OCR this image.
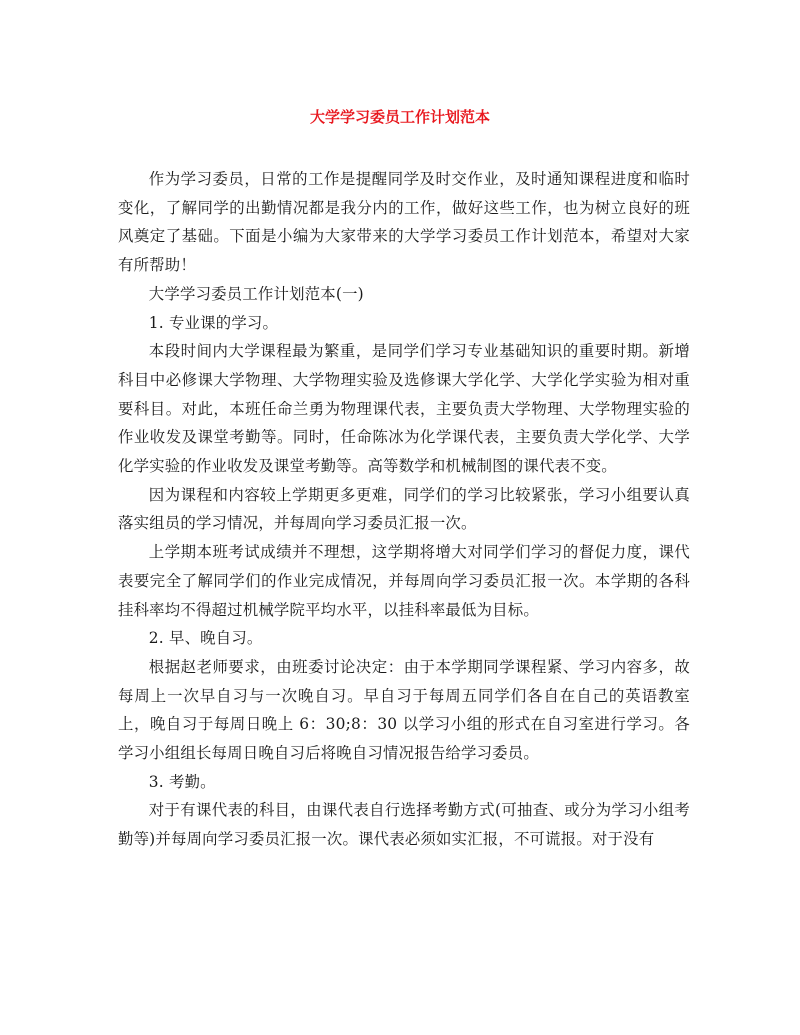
大学学习委员工作计划范本

作为学习委员，日常的工作是提醒同学及时交作业，及时通知课程进度和临时变化，了解同学的出勤情况都是我分内的工作，做好这些工作，也为树立良好的班风奠定了基础。下面是小编为大家带来的大学学习委员工作计划范本，希望对大家有所帮助！

大学学习委员工作计划范本(一)

1. 专业课的学习。

本段时间内大学课程最为繁重，是同学们学习专业基础知识的重要时期。新增科目中必修课大学物理、大学物理实验及选修课大学化学、大学化学实验为相对重要科目。对此，本班任命兰勇为物理课代表，主要负责大学物理、大学物理实验的作业收发及课堂考勤等。同时，任命陈冰为化学课代表，主要负责大学化学、大学化学实验的作业收发及课堂考勤等。高等数学和机械制图的课代表不变。

因为课程和内容较上学期更多更难，同学们的学习比较紧张，学习小组要认真落实组员的学习情况，并每周向学习委员汇报一次。

上学期本班考试成绩并不理想，这学期将增大对同学们学习的督促力度，课代表要完全了解同学们的作业完成情况，并每周向学习委员汇报一次。本学期的各科挂科率均不得超过机械学院平均水平，以挂科率最低为目标。

2. 早、晚自习。

根据赵老师要求，由班委讨论决定：由于本学期同学课程紧、学习内容多，故每周上一次早自习与一次晚自习。早自习于每周五同学们各自在自己的英语教室上，晚自习于每周日晚上 6：30;8：30 以学习小组的形式在自习室进行学习。各学习小组组长每周日晚自习后将晚自习情况报告给学习委员。

3. 考勤。

对于有课代表的科目，由课代表自行选择考勤方式(可抽查、或分为学习小组考勤等)并每周向学习委员汇报一次。课代表必须如实汇报，不可谎报。对于没有
